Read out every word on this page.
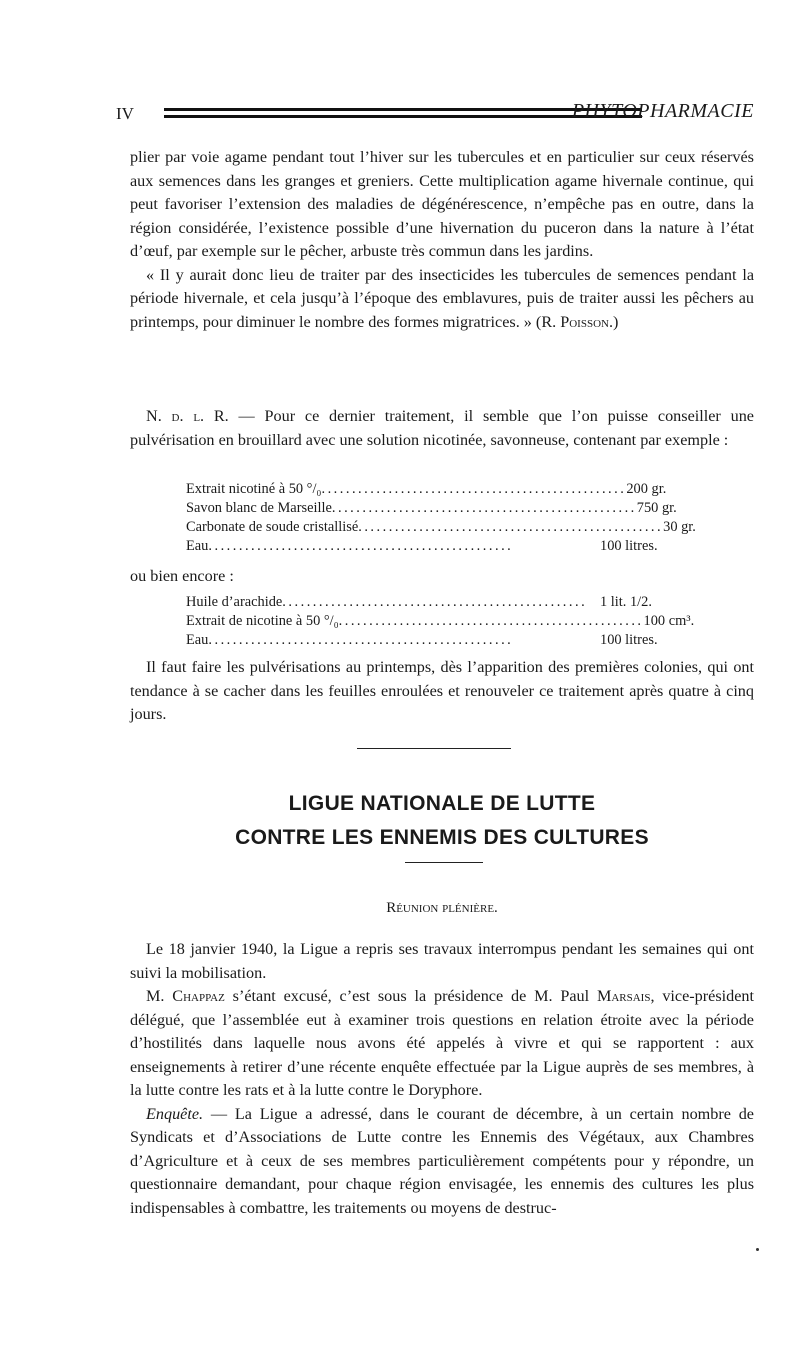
IV	PHYTOPHARMACIE

plier par voie agame pendant tout l’hiver sur les tubercules et en particulier sur ceux réservés aux semences dans les granges et greniers. Cette multiplication agame hivernale continue, qui peut favoriser l’extension des maladies de dégénérescence, n’empêche pas en outre, dans la région considérée, l’existence possible d’une hivernation du puceron dans la nature à l’état d’œuf, par exemple sur le pêcher, arbuste très commun dans les jardins.

« Il y aurait donc lieu de traiter par des insecticides les tubercules de semences pendant la période hivernale, et cela jusqu’à l’époque des emblavures, puis de traiter aussi les pêchers au printemps, pour diminuer le nombre des formes migratrices. » (R. Poisson.)

N. d. l. R. — Pour ce dernier traitement, il semble que l’on puisse conseiller une pulvérisation en brouillard avec une solution nicotinée, savonneuse, contenant par exemple :

Extrait nicotiné à 50 °/₀ .................................................. 200 gr.
Savon blanc de Marseille .................................................. 750 gr.
Carbonate de soude cristallisé .................................................. 30 gr.
Eau ..................................................	100 litres.

ou bien encore :

Huile d’arachide .................................................. 1 lit. 1/2.
Extrait de nicotine à 50 °/₀ .................................................. 100 cm³.
Eau ..................................................	100 litres.

Il faut faire les pulvérisations au printemps, dès l’apparition des premières colonies, qui ont tendance à se cacher dans les feuilles enroulées et renouveler ce traitement après quatre à cinq jours.

LIGUE NATIONALE DE LUTTE
CONTRE LES ENNEMIS DES CULTURES
Réunion plénière.

Le 18 janvier 1940, la Ligue a repris ses travaux interrompus pendant les semaines qui ont suivi la mobilisation.

M. Chappaz s’étant excusé, c’est sous la présidence de M. Paul Marsais, vice-président délégué, que l’assemblée eut à examiner trois questions en relation étroite avec la période d’hostilités dans laquelle nous avons été appelés à vivre et qui se rapportent : aux enseignements à retirer d’une récente enquête effectuée par la Ligue auprès de ses membres, à la lutte contre les rats et à la lutte contre le Doryphore.

Enquête. — La Ligue a adressé, dans le courant de décembre, à un certain nombre de Syndicats et d’Associations de Lutte contre les Ennemis des Végétaux, aux Chambres d’Agriculture et à ceux de ses membres particulièrement compétents pour y répondre, un questionnaire demandant, pour chaque région envisagée, les ennemis des cultures les plus indispensables à combattre, les traitements ou moyens de destruc-
